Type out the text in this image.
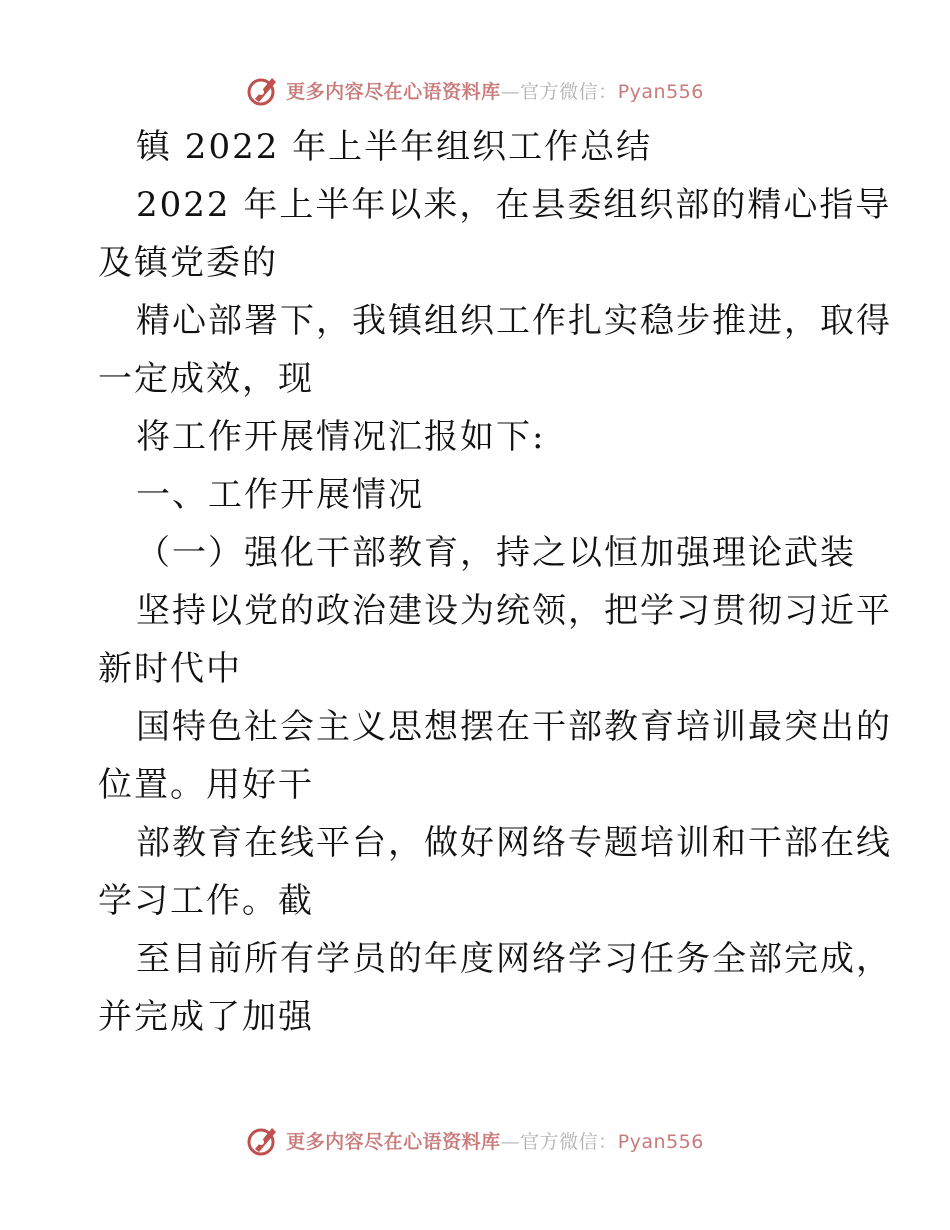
更多内容尽在心语资料库—官方微信：Pyan556
镇 2022 年上半年组织工作总结
2022 年上半年以来，在县委组织部的精心指导
及镇党委的
精心部署下，我镇组织工作扎实稳步推进，取得
一定成效，现
将工作开展情况汇报如下:
一、工作开展情况
（一）强化干部教育，持之以恒加强理论武装
坚持以党的政治建设为统领，把学习贯彻习近平
新时代中
国特色社会主义思想摆在干部教育培训最突出的
位置。用好干
部教育在线平台，做好网络专题培训和干部在线
学习工作。截
至目前所有学员的年度网络学习任务全部完成，
并完成了加强
更多内容尽在心语资料库—官方微信：Pyan556
